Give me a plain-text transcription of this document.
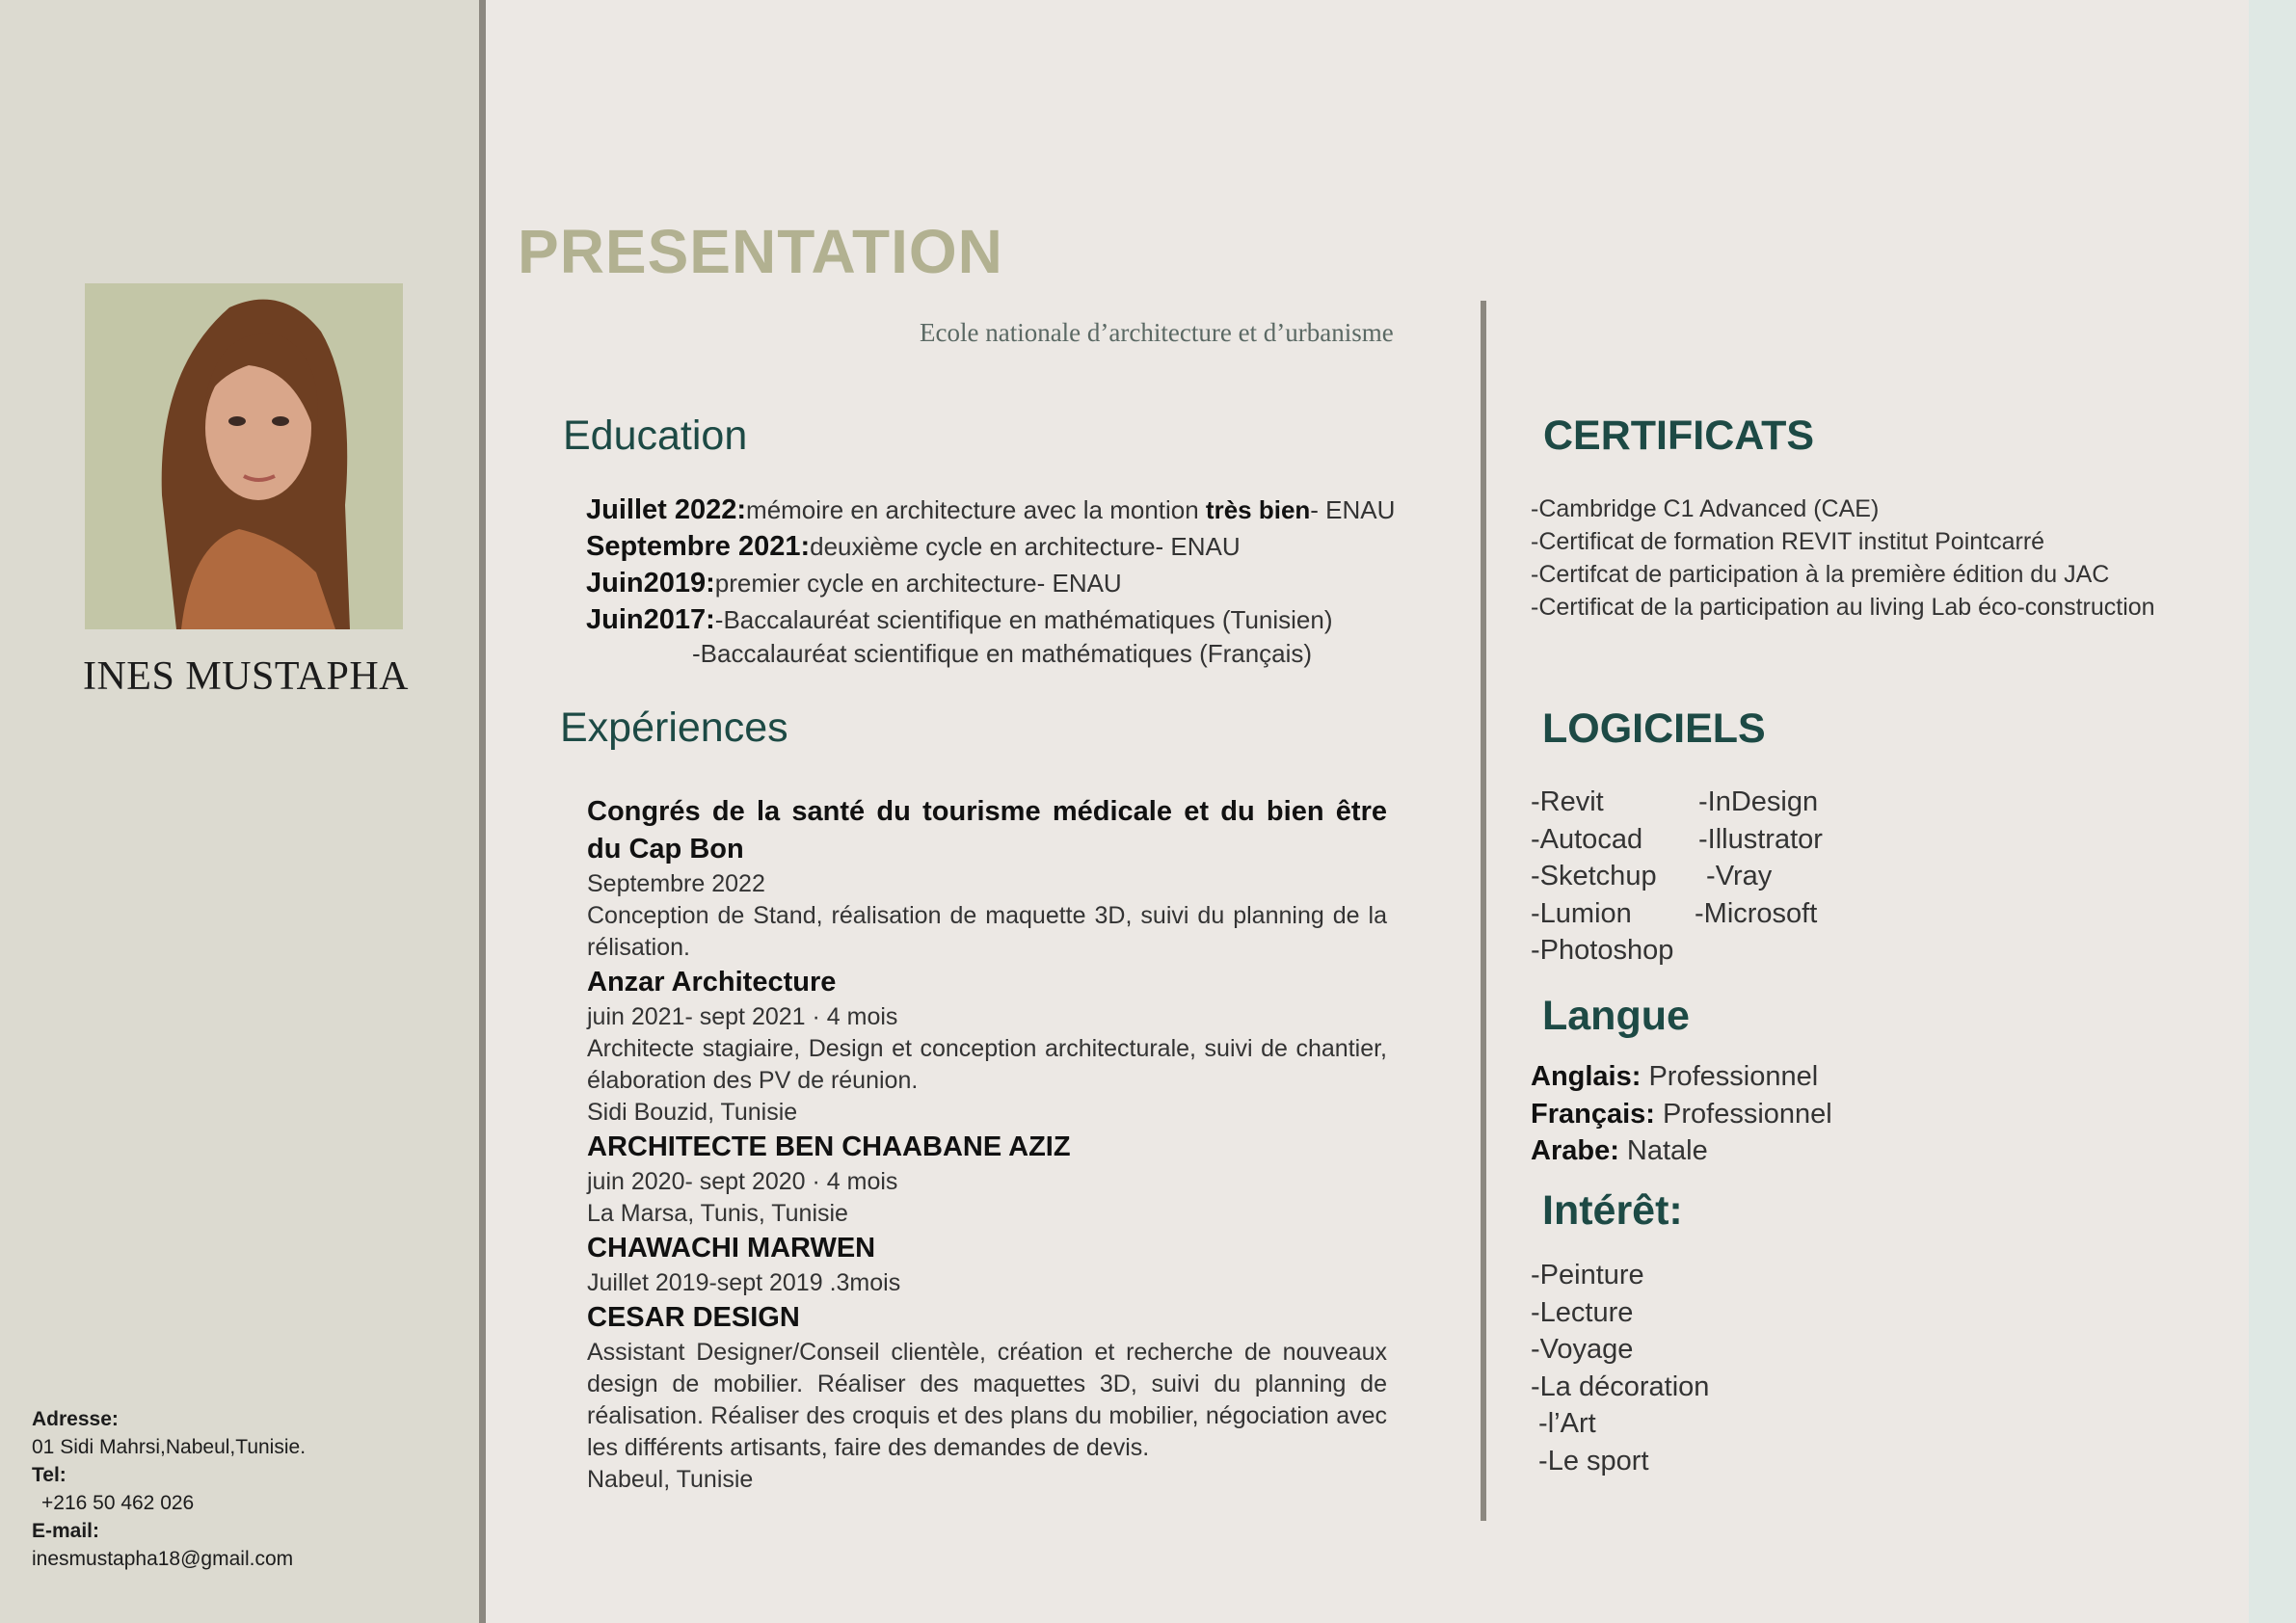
INES MUSTAPHA
Adresse:
01 Sidi Mahrsi,Nabeul,Tunisie.
Tel:
+216 50 462 026
E-mail:
inesmustapha18@gmail.com
PRESENTATION
Ecole nationale d’architecture et d’urbanisme
Education
Juillet 2022:mémoire en architecture avec la montion très bien- ENAU
Septembre 2021:deuxième cycle en architecture- ENAU
Juin2019:premier cycle en architecture- ENAU
Juin2017:-Baccalauréat scientifique en mathématiques (Tunisien)
-Baccalauréat scientifique en mathématiques (Français)
Expériences
Congrés de la santé du tourisme médicale et du bien être du Cap Bon
Septembre 2022
Conception de Stand, réalisation de maquette 3D, suivi du planning de la rélisation.
Anzar Architecture
juin 2021- sept 2021 · 4 mois
Architecte stagiaire, Design et conception architecturale, suivi de chantier, élaboration des PV de réunion.
Sidi Bouzid, Tunisie
ARCHITECTE BEN CHAABANE AZIZ
juin 2020- sept 2020 · 4 mois
La Marsa, Tunis, Tunisie
CHAWACHI MARWEN
Juillet 2019-sept 2019 .3mois
CESAR DESIGN
Assistant Designer/Conseil clientèle, création et recherche de nouveaux design de mobilier. Réaliser des maquettes 3D, suivi du planning de réalisation. Réaliser des croquis et des plans du mobilier, négociation avec les différents artisants, faire des demandes de devis.
Nabeul, Tunisie
CERTIFICATS
-Cambridge C1 Advanced (CAE)
-Certificat de formation REVIT institut Pointcarré
-Certifcat de participation à la première édition du JAC
-Certificat de la participation au living Lab éco-construction
LOGICIELS
-Revit
-Autocad
-Sketchup
-Lumion
-Photoshop
-InDesign
-Illustrator
-Vray
-Microsoft
Langue
Anglais: Professionnel
Français: Professionnel
Arabe: Natale
Intérêt:
-Peinture
-Lecture
-Voyage
-La décoration
-l’Art
-Le sport
